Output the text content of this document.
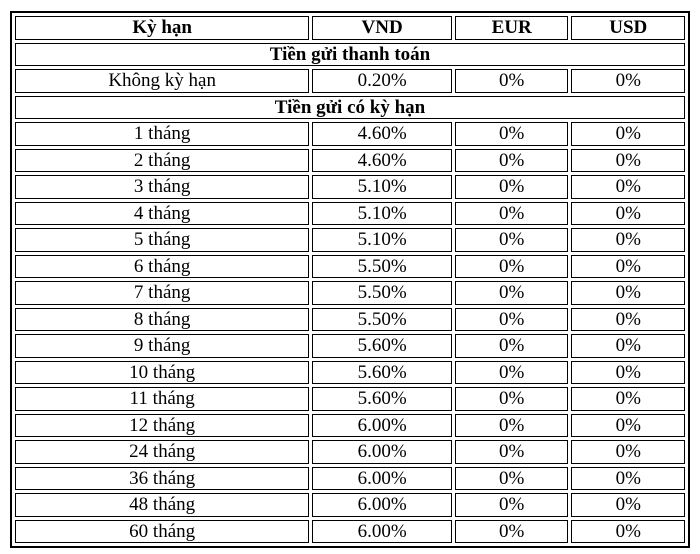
Kỳ hạn	VND	EUR	USD
Tiền gửi thanh toán			
Không kỳ hạn	0.20%	0%	0%
Tiền gửi có kỳ hạn			
1 tháng	4.60%	0%	0%
2 tháng	4.60%	0%	0%
3 tháng	5.10%	0%	0%
4 tháng	5.10%	0%	0%
5 tháng	5.10%	0%	0%
6 tháng	5.50%	0%	0%
7 tháng	5.50%	0%	0%
8 tháng	5.50%	0%	0%
9 tháng	5.60%	0%	0%
10 tháng	5.60%	0%	0%
11 tháng	5.60%	0%	0%
12 tháng	6.00%	0%	0%
24 tháng	6.00%	0%	0%
36 tháng	6.00%	0%	0%
48 tháng	6.00%	0%	0%
60 tháng	6.00%	0%	0%
